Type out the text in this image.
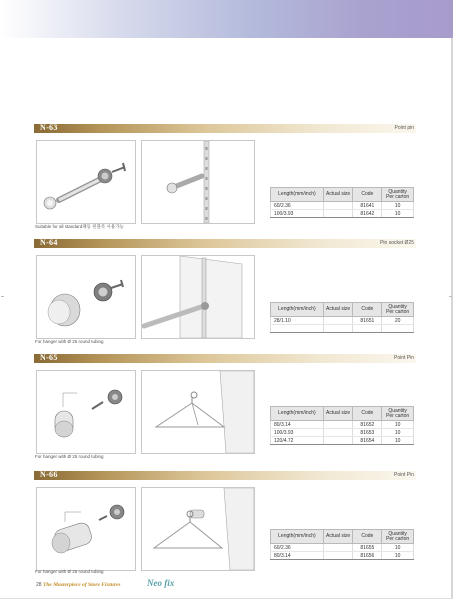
N-63	Point pin
Suitable for all standard패등 핀블록 사용가능
Length(mm/inch)	Actual size	Code	Quantity Per carton
60/2.36		81641	10
100/3.93		81642	10
N-64	Pin socket Ø25
For hanger with Ø 25 round tubing
Length(mm/inch)	Actual size	Code	Quantity Per carton
28/1.10		81651	20

N-65	Point Pin
For hanger with Ø 25 round tubing
Length(mm/inch)	Actual size	Code	Quantity Per carton
80/3.14		81652	10
100/3.93		81653	10
120/4.72		81654	10
N-66	Point Pin
For hanger with Ø 25 round tubing
Length(mm/inch)	Actual size	Code	Quantity Per carton
60/2.36		81655	10
80/3.14		81656	10
28 The Masterpiece of Store Fixtures	Neo fix
